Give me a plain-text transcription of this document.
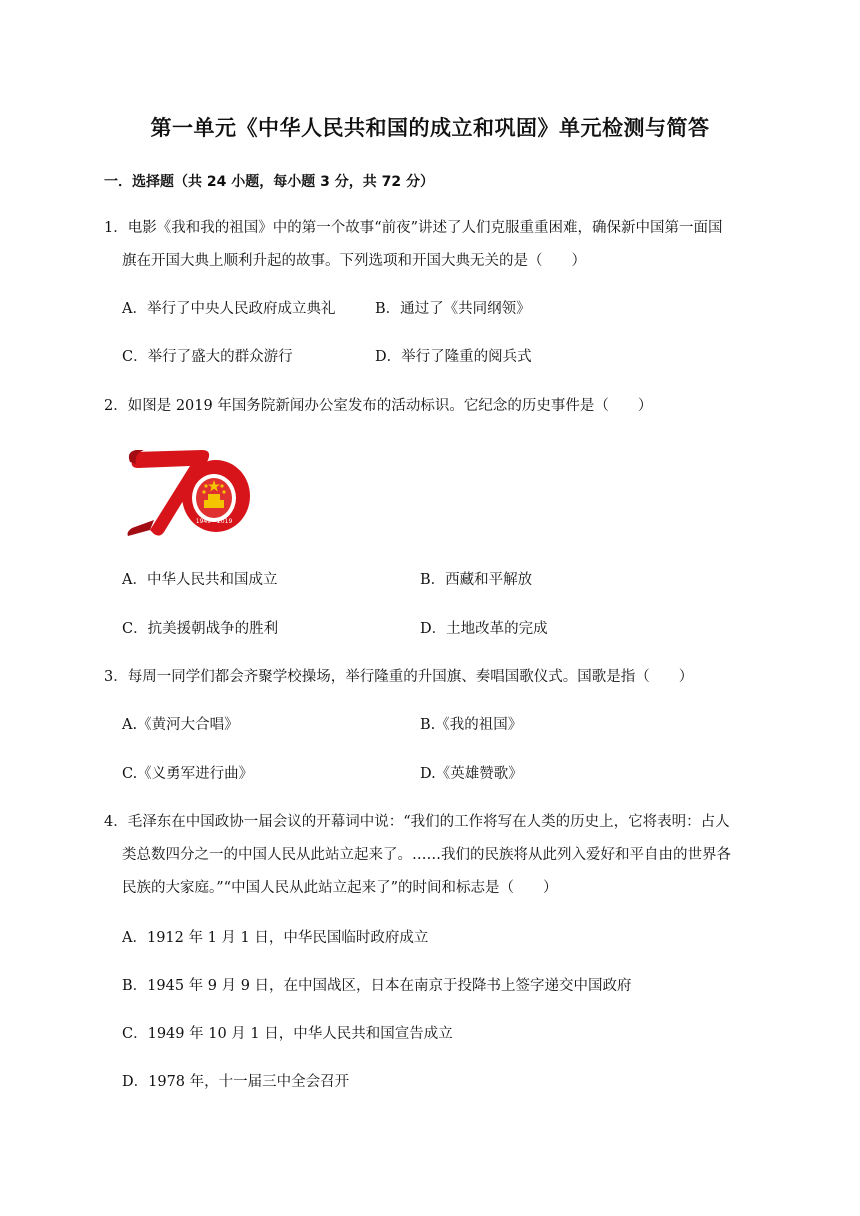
第一单元《中华人民共和国的成立和巩固》单元检测与简答
一．选择题（共 24 小题，每小题 3 分，共 72 分）
1．电影《我和我的祖国》中的第一个故事“前夜”讲述了人们克服重重困难，确保新中国第一面国
旗在开国大典上顺利升起的故事。下列选项和开国大典无关的是（　　）
A．举行了中央人民政府成立典礼	B．通过了《共同纲领》
C．举行了盛大的群众游行	D．举行了隆重的阅兵式
2．如图是 2019 年国务院新闻办公室发布的活动标识。它纪念的历史事件是（　　）
1949—2019
A．中华人民共和国成立	B．西藏和平解放
C．抗美援朝战争的胜利	D．土地改革的完成
3．每周一同学们都会齐聚学校操场，举行隆重的升国旗、奏唱国歌仪式。国歌是指（　　）
A.《黄河大合唱》	B.《我的祖国》
C.《义勇军进行曲》	D.《英雄赞歌》
4．毛泽东在中国政协一届会议的开幕词中说：“我们的工作将写在人类的历史上，它将表明：占人
类总数四分之一的中国人民从此站立起来了。……我们的民族将从此列入爱好和平自由的世界各
民族的大家庭。”“中国人民从此站立起来了”的时间和标志是（　　）
A．1912 年 1 月 1 日，中华民国临时政府成立
B．1945 年 9 月 9 日，在中国战区，日本在南京于投降书上签字递交中国政府
C．1949 年 10 月 1 日，中华人民共和国宣告成立
D．1978 年，十一届三中全会召开
